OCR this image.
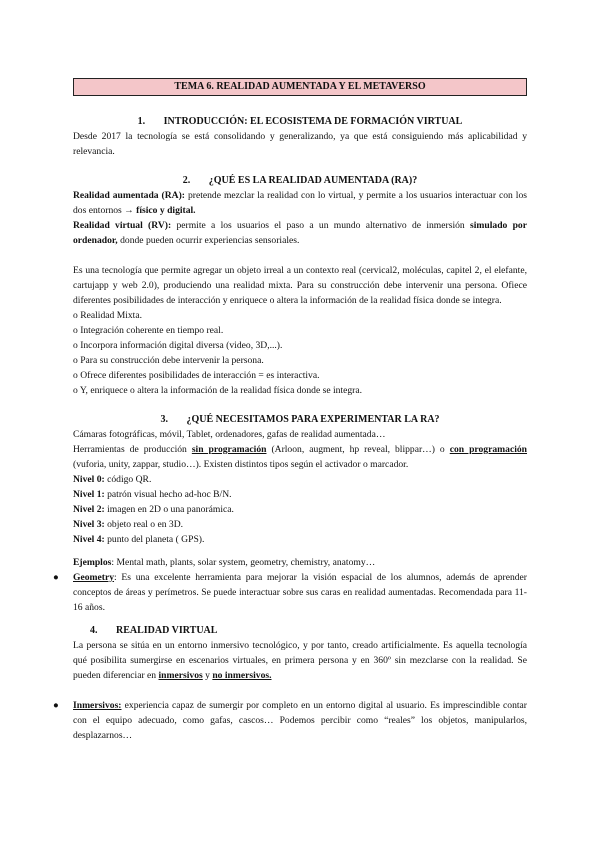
TEMA 6. REALIDAD AUMENTADA Y EL METAVERSO
1. INTRODUCCIÓN: EL ECOSISTEMA DE FORMACIÓN VIRTUAL

Desde 2017 la tecnología se está consolidando y generalizando, ya que está consiguiendo más aplicabilidad y relevancia.

2. ¿QUÉ ES LA REALIDAD AUMENTADA (RA)?

Realidad aumentada (RA): pretende mezclar la realidad con lo virtual, y permite a los usuarios interactuar con los dos entornos → físico y digital.

Realidad virtual (RV): permite a los usuarios el paso a un mundo alternativo de inmersión simulado por ordenador, donde pueden ocurrir experiencias sensoriales.

Es una tecnología que permite agregar un objeto irreal a un contexto real (cervical2, moléculas, capitel 2, el elefante, cartujapp y web 2.0), produciendo una realidad mixta. Para su construcción debe intervenir una persona. Ofiece diferentes posibilidades de interacción y enriquece o altera la información de la realidad física donde se integra.

o Realidad Mixta.

o Integración coherente en tiempo real.

o Incorpora información digital diversa (video, 3D,...).

o Para su construcción debe intervenir la persona.

o Ofrece diferentes posibilidades de interacción = es interactiva.

o Y, enriquece o altera la información de la realidad física donde se integra.

3. ¿QUÉ NECESITAMOS PARA EXPERIMENTAR LA RA?

Cámaras fotográficas, móvil, Tablet, ordenadores, gafas de realidad aumentada…

Herramientas de producción sin programación (Arloon, augment, hp reveal, blippar…) o con programación (vuforia, unity, zappar, studio…). Existen distintos tipos según el activador o marcador.

Nivel 0: código QR.

Nivel 1: patrón visual hecho ad-hoc B/N.

Nivel 2: imagen en 2D o una panorámica.

Nivel 3: objeto real o en 3D.

Nivel 4: punto del planeta ( GPS).

Ejemplos: Mental math, plants, solar system, geometry, chemistry, anatomy…

● Geometry: Es una excelente herramienta para mejorar la visión espacial de los alumnos, además de aprender conceptos de áreas y perímetros. Se puede interactuar sobre sus caras en realidad aumentadas. Recomendada para 11-16 años.
4. REALIDAD VIRTUAL

La persona se sitúa en un entorno inmersivo tecnológico, y por tanto, creado artificialmente. Es aquella tecnología qué posibilita sumergirse en escenarios virtuales, en primera persona y en 360º sin mezclarse con la realidad. Se pueden diferenciar en inmersivos y no inmersivos.

● Inmersivos: experiencia capaz de sumergir por completo en un entorno digital al usuario. Es imprescindible contar con el equipo adecuado, como gafas, cascos… Podemos percibir como “reales” los objetos, manipularlos, desplazarnos…
